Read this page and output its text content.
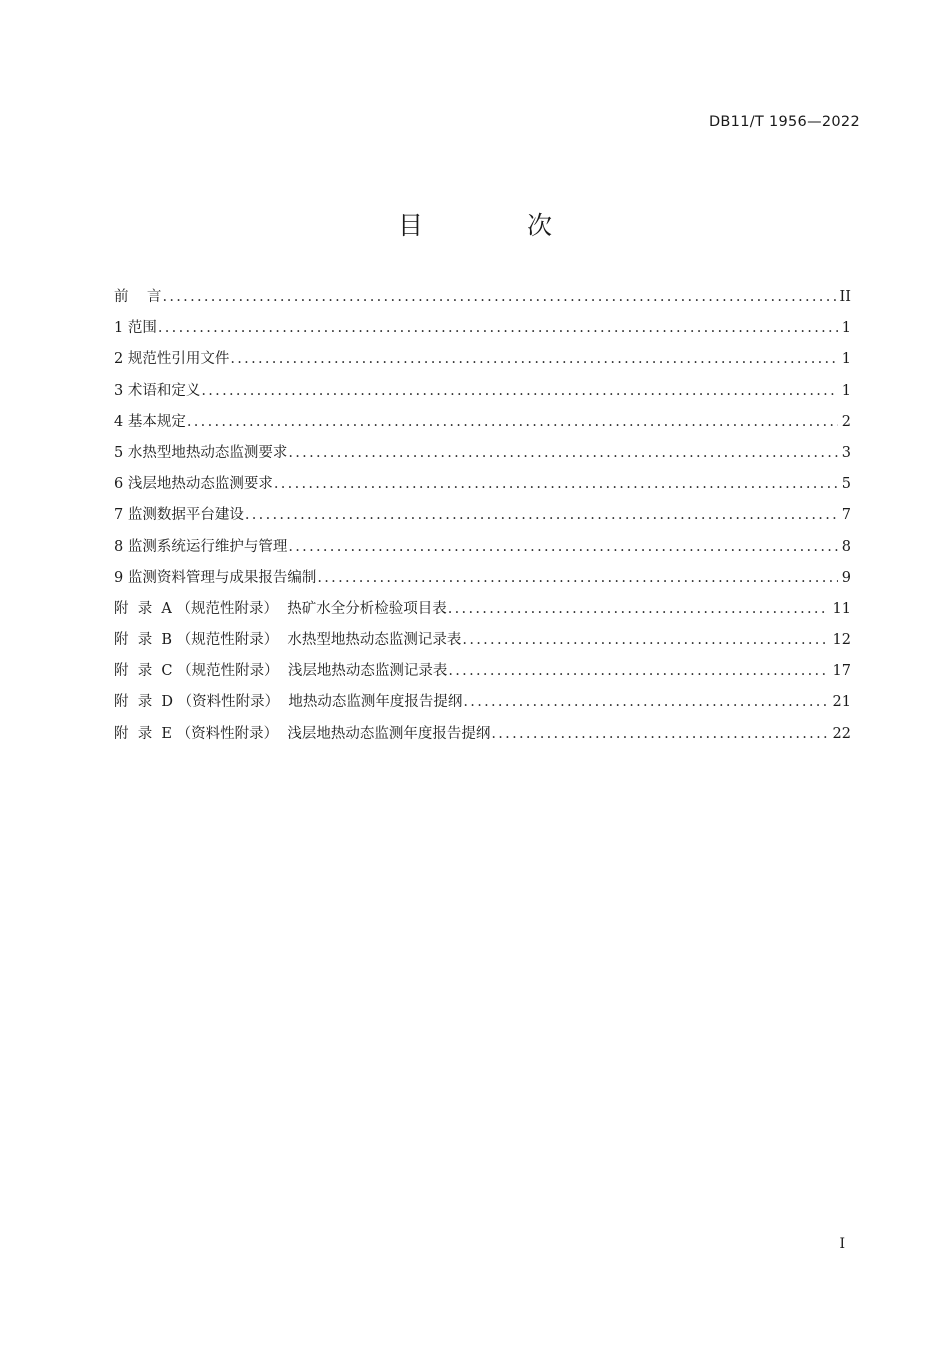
DB11/T 1956—2022
目 次
前    言 .....	II
1 范围 .....	1
2 规范性引用文件 .....	1
3 术语和定义 .....	1
4 基本规定 .....	2
5 水热型地热动态监测要求 .....	3
6 浅层地热动态监测要求 .....	5
7 监测数据平台建设 .....	7
8 监测系统运行维护与管理 .....	8
9 监测资料管理与成果报告编制 .....	9
附  录  A （规范性附录）  热矿水全分析检验项目表 .....	11
附  录  B （规范性附录）  水热型地热动态监测记录表 .....	12
附  录  C （规范性附录）  浅层地热动态监测记录表 .....	17
附  录  D （资料性附录）  地热动态监测年度报告提纲 .....	21
附  录  E （资料性附录）  浅层地热动态监测年度报告提纲 .....	22
I
